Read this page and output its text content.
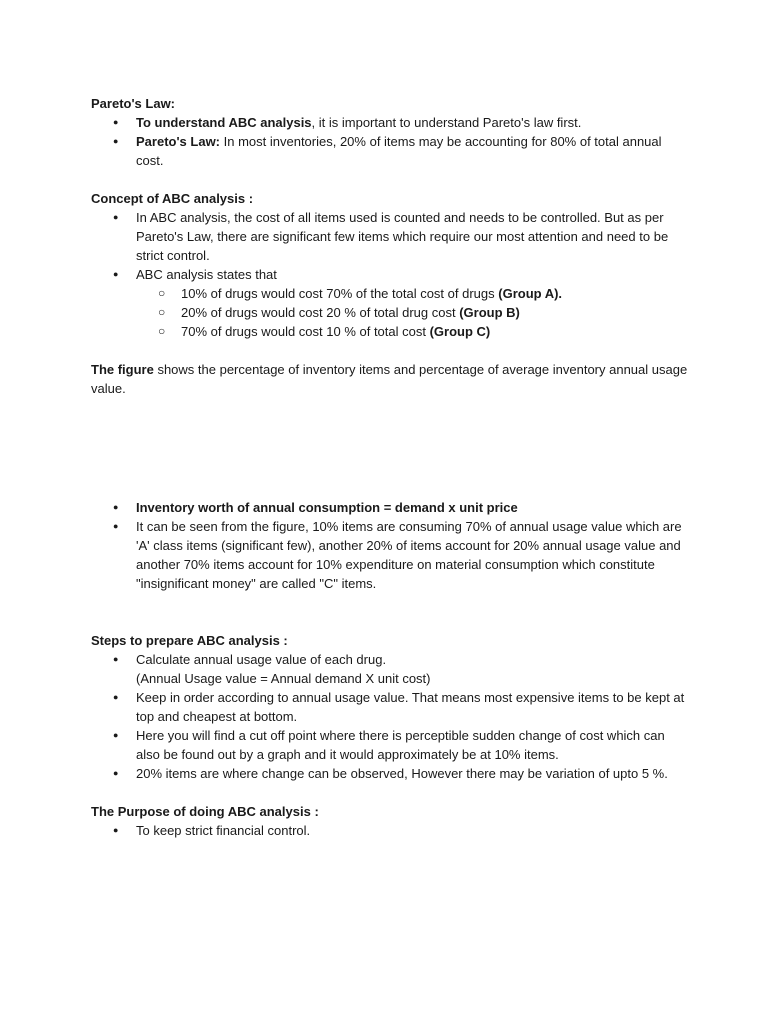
Pareto's Law:

● To understand ABC analysis, it is important to understand Pareto's law first.
● Pareto's Law: In most inventories, 20% of items may be accounting for 80% of total annual cost.

Concept of ABC analysis :

● In ABC analysis, the cost of all items used is counted and needs to be controlled. But as per Pareto's Law, there are significant few items which require our most attention and need to be strict control.
● ABC analysis states that
○ 10% of drugs would cost 70% of the total cost of drugs (Group A).
○ 20% of drugs would cost 20 % of total drug cost (Group B)
○ 70% of drugs would cost 10 % of total cost (Group C)

The figure shows the percentage of inventory items and percentage of average inventory annual usage value.

● Inventory worth of annual consumption = demand x unit price
● It can be seen from the figure, 10% items are consuming 70% of annual usage value which are 'A' class items (significant few), another 20% of items account for 20% annual usage value and another 70% items account for 10% expenditure on material consumption which constitute "insignificant money" are called "C" items.

Steps to prepare ABC analysis :

● Calculate annual usage value of each drug.
(Annual Usage value = Annual demand X unit cost)
● Keep in order according to annual usage value. That means most expensive items to be kept at top and cheapest at bottom.
● Here you will find a cut off point where there is perceptible sudden change of cost which can also be found out by a graph and it would approximately be at 10% items.
● 20% items are where change can be observed, However there may be variation of upto 5 %.

The Purpose of doing ABC analysis :

● To keep strict financial control.
